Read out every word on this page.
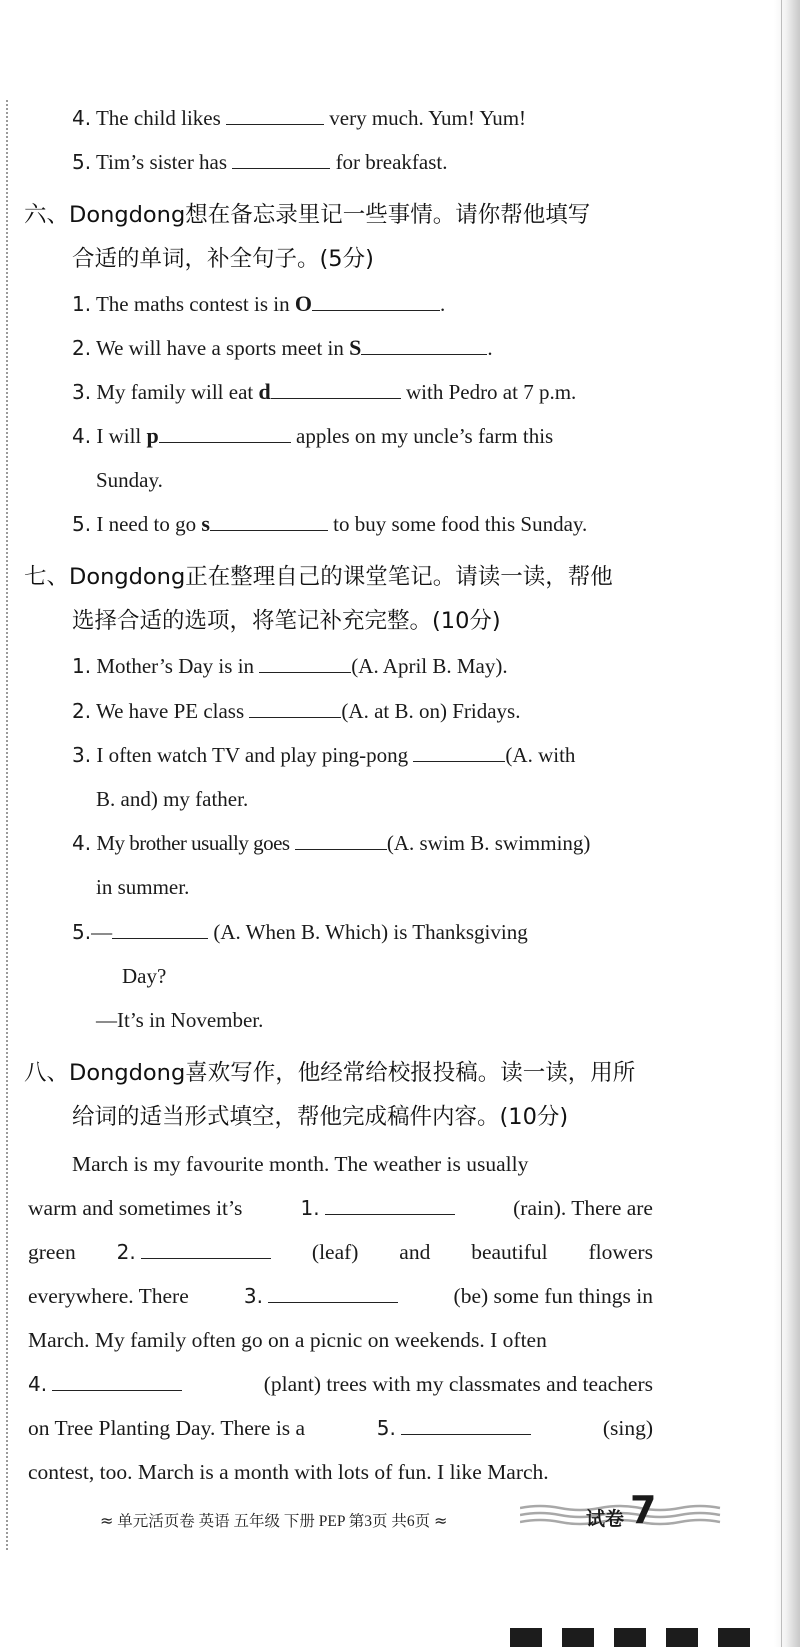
4. The child likes	very much. Yum! Yum!
5. Tim’s sister has	for breakfast.
六、Dongdong想在备忘录里记一些事情。请你帮他填写
合适的单词，补全句子。(5分)
1. The maths contest is in O	.
2. We will have a sports meet in S	.
3. My family will eat d	with Pedro at 7 p.m.
4. I will p	apples on my uncle’s farm this
Sunday.
5. I need to go s	to buy some food this Sunday.
七、Dongdong正在整理自己的课堂笔记。请读一读，帮他
选择合适的选项，将笔记补充完整。(10分)
1. Mother’s Day is in	(A. April B. May).
2. We have PE class	(A. at B. on) Fridays.
3. I often watch TV and play ping-pong	(A. with
B. and) my father.
4. My brother usually goes	(A. swim B. swimming)
in summer.
5.—	(A. When B. Which) is Thanksgiving
Day?
—It’s in November.
八、Dongdong喜欢写作，他经常给校报投稿。读一读，用所
给词的适当形式填空，帮他完成稿件内容。(10分)
March is my favourite month. The weather is usually
warm and sometimes it’s	1.	(rain). There are
green 2.	(leaf) and beautiful flowers
everywhere. There	3.	(be) some fun things in
March. My family often go on a picnic on weekends. I often
4.	(plant) trees with my classmates and teachers
on Tree Planting Day. There is a	5.	(sing)
contest, too. March is a month with lots of fun. I like March.
≈ 单元活页卷 英语 五年级 下册 PEP 第3页 共6页 ≈	试卷 7
